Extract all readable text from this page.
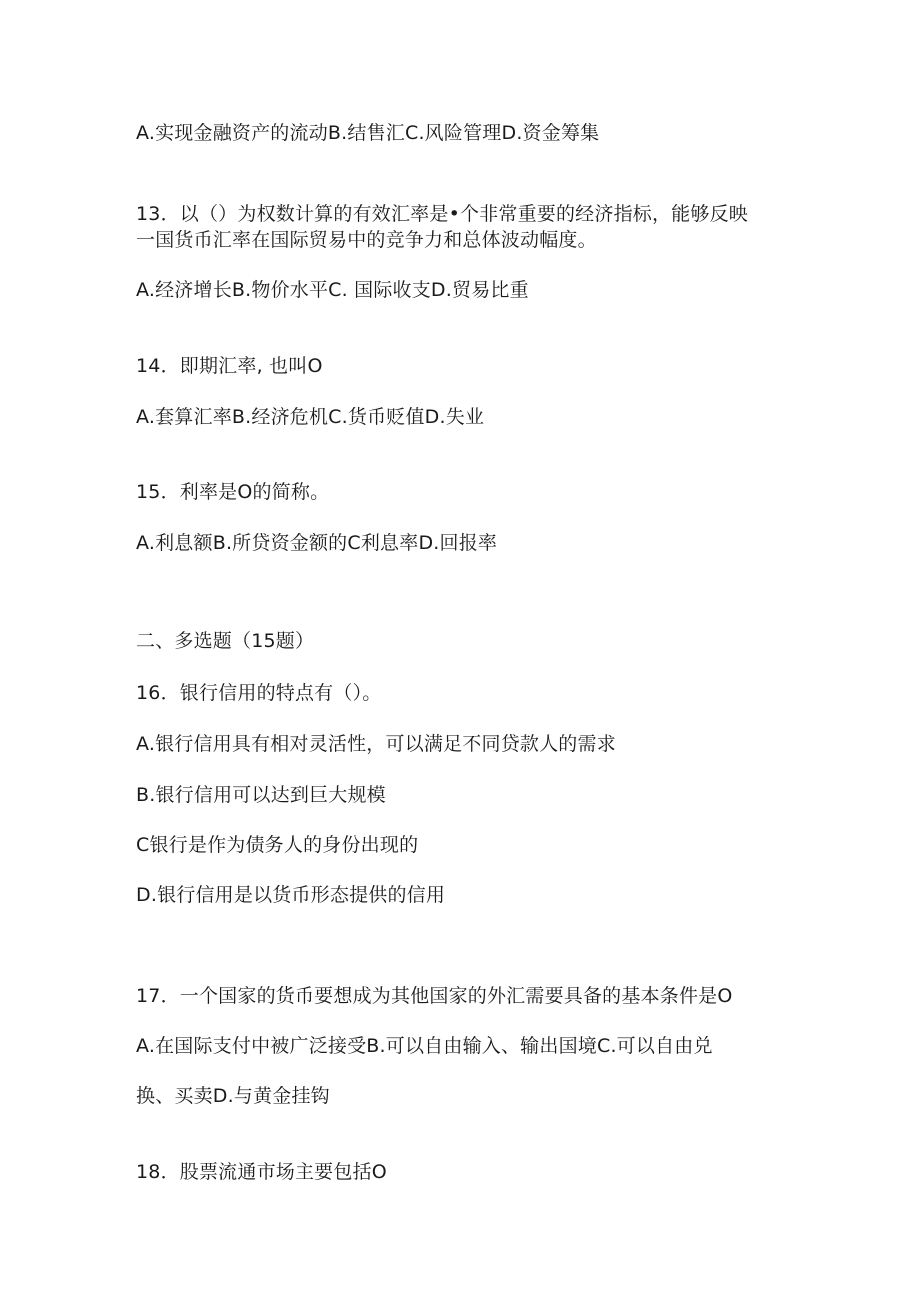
A.实现金融资产的流动B.结售汇C.风险管理D.资金筹集
13．以（）为权数计算的有效汇率是•个非常重要的经济指标，能够反映
一国货币汇率在国际贸易中的竞争力和总体波动幅度。
A.经济增长B.物价水平C. 国际收支D.贸易比重
14．即期汇率, 也叫O
A.套算汇率B.经济危机C.货币贬值D.失业
15．利率是O的简称。
A.利息额B.所贷资金额的C利息率D.回报率
二、多选题（15题）
16．银行信用的特点有（）。
A.银行信用具有相对灵活性，可以满足不同贷款人的需求
B.银行信用可以达到巨大规模
C银行是作为债务人的身份出现的
D.银行信用是以货币形态提供的信用
17．一个国家的货币要想成为其他国家的外汇需要具备的基本条件是O
A.在国际支付中被广泛接受B.可以自由输入、输出国境C.可以自由兑
换、买卖D.与黄金挂钩
18．股票流通市场主要包括O
